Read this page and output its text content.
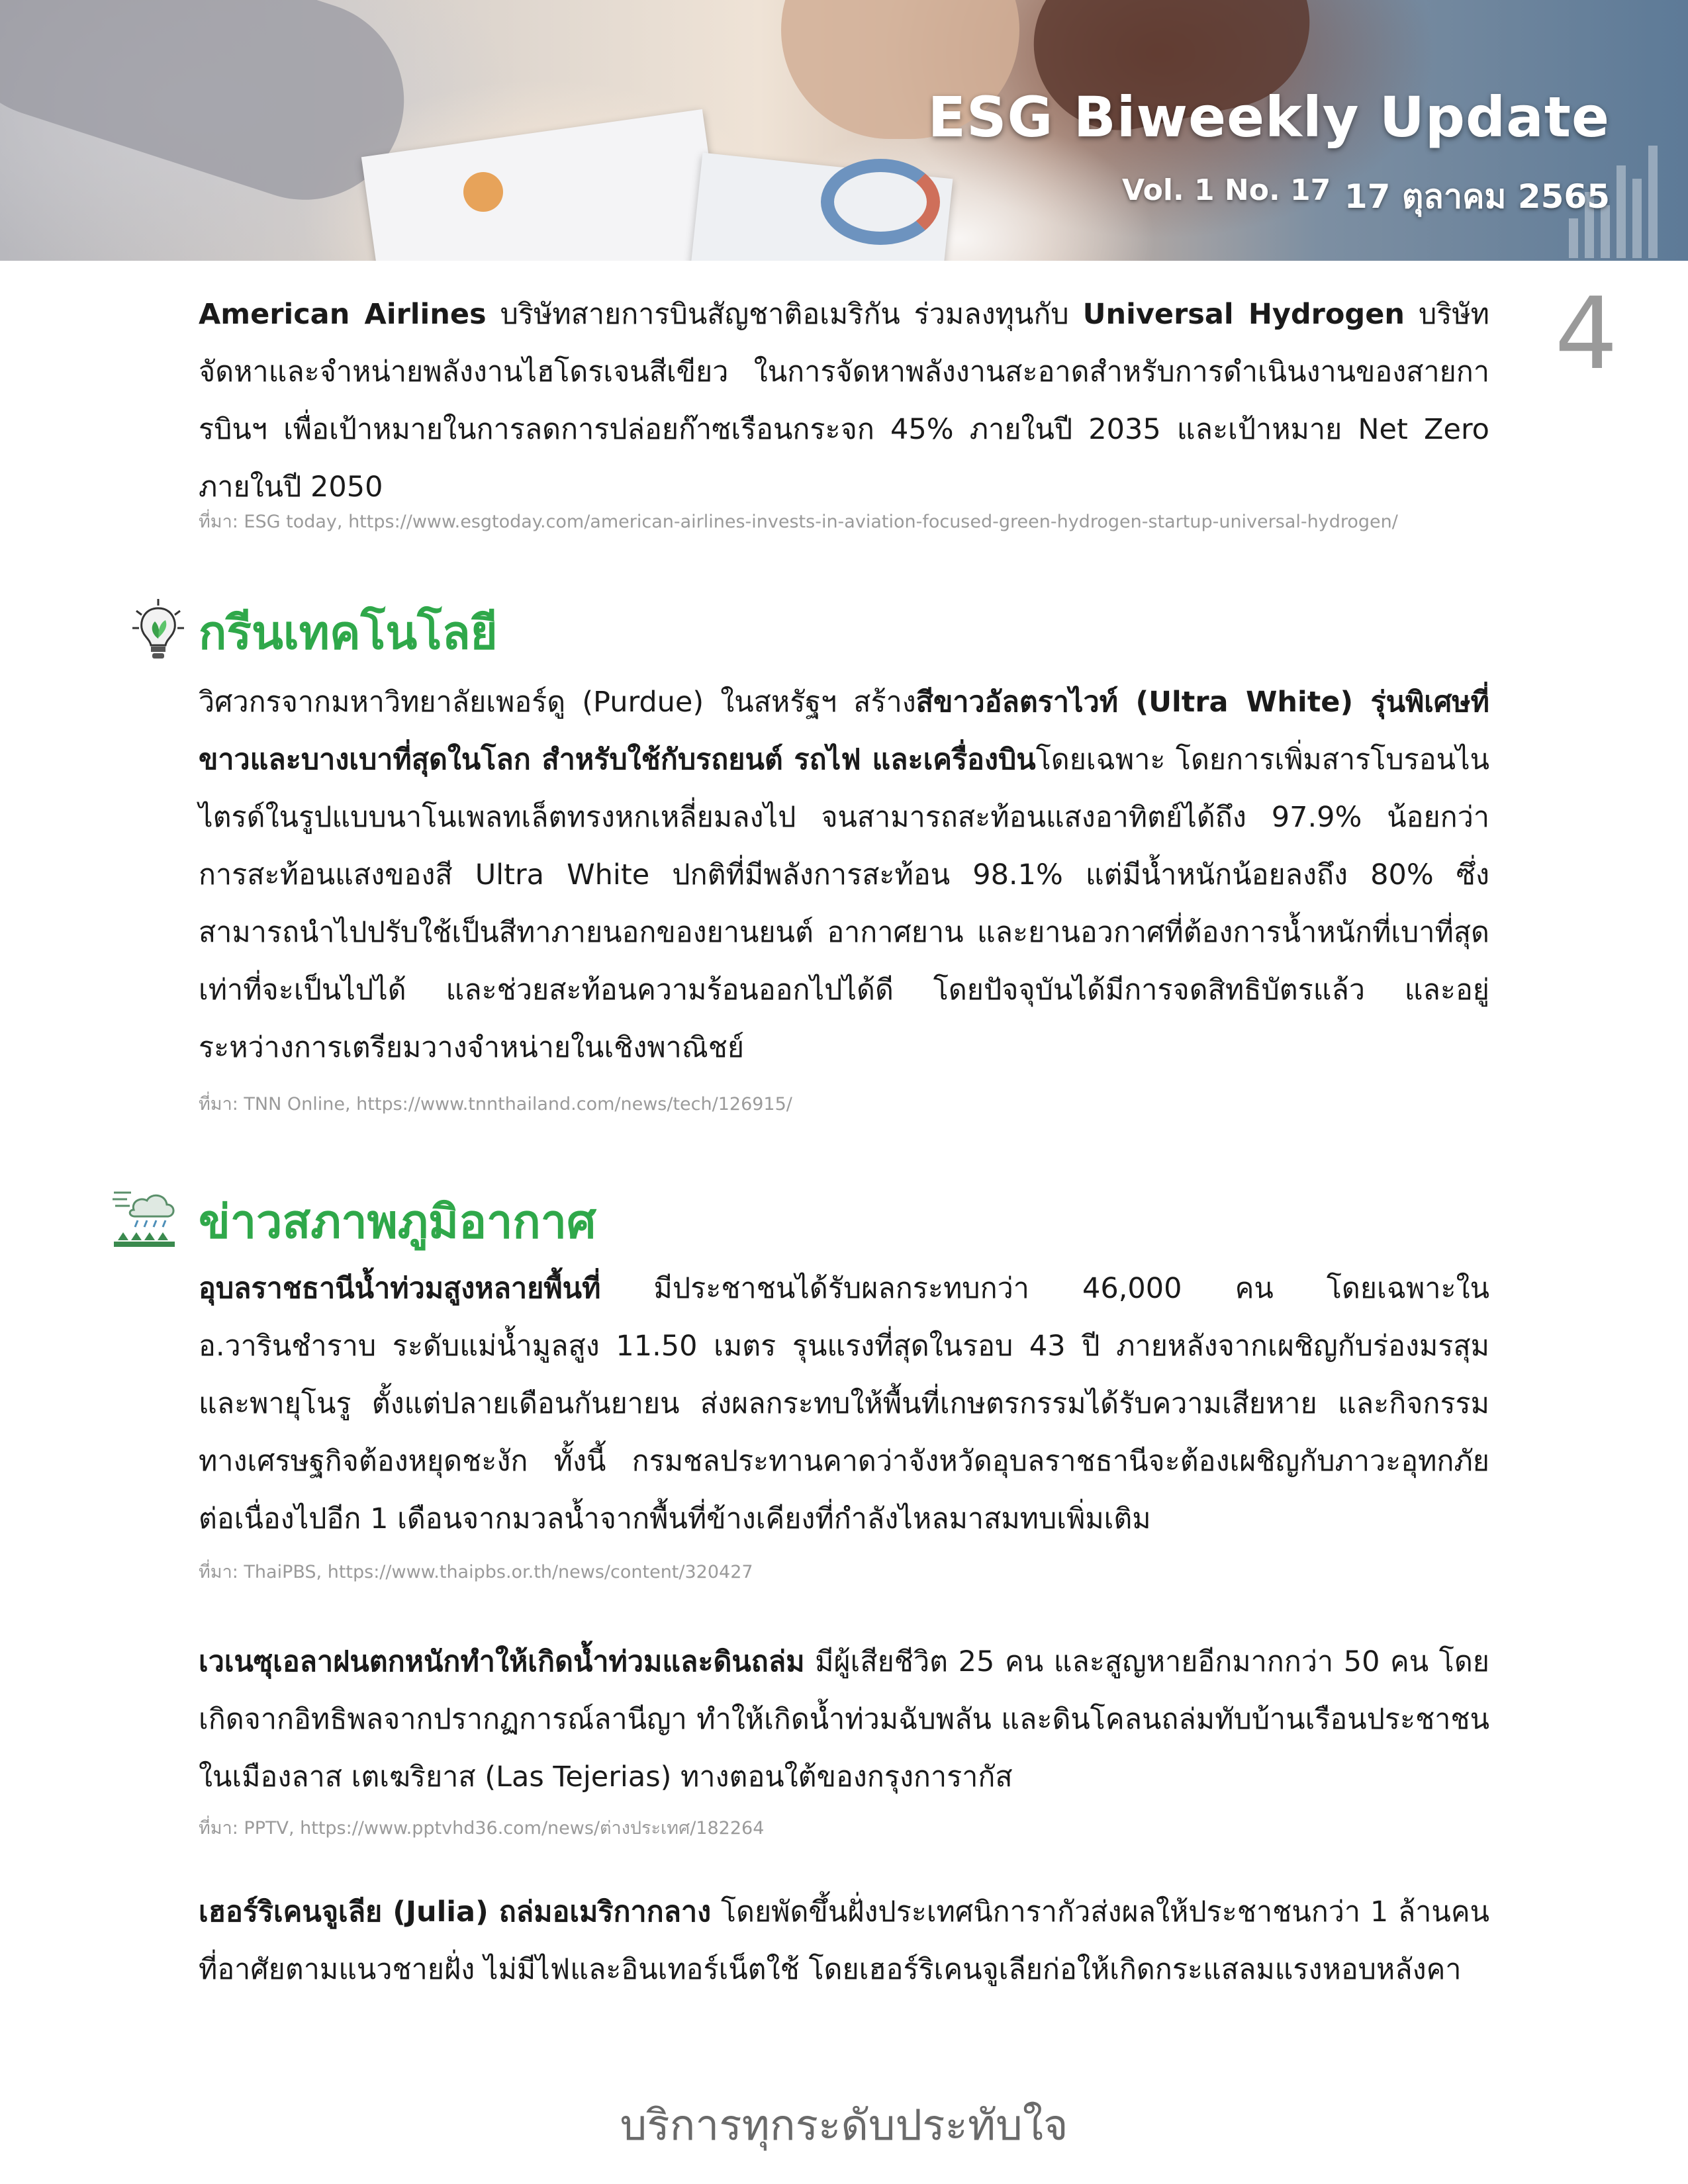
ESG Biweekly Update
Vol. 1 No. 17 17 ตุลาคม 2565
4
American Airlines บริษัทสายการบินสัญชาติอเมริกัน ร่วมลงทุนกับ Universal Hydrogen บริษัทจัดหาและจำหน่ายพลังงานไฮโดรเจนสีเขียว ในการจัดหาพลังงานสะอาดสำหรับการดำเนินงานของสายการบินฯ เพื่อเป้าหมายในการลดการปล่อยก๊าซเรือนกระจก 45% ภายในปี 2035 และเป้าหมาย Net Zero ภายในปี 2050
ที่มา: ESG today, https://www.esgtoday.com/american-airlines-invests-in-aviation-focused-green-hydrogen-startup-universal-hydrogen/
กรีนเทคโนโลยี
วิศวกรจากมหาวิทยาลัยเพอร์ดู (Purdue) ในสหรัฐฯ สร้างสีขาวอัลตราไวท์ (Ultra White) รุ่นพิเศษที่ขาวและบางเบาที่สุดในโลก สำหรับใช้กับรถยนต์ รถไฟ และเครื่องบินโดยเฉพาะ โดยการเพิ่มสารโบรอนไนไตรด์ในรูปแบบนาโนเพลทเล็ตทรงหกเหลี่ยมลงไป จนสามารถสะท้อนแสงอาทิตย์ได้ถึง 97.9% น้อยกว่าการสะท้อนแสงของสี Ultra White ปกติที่มีพลังการสะท้อน 98.1% แต่มีน้ำหนักน้อยลงถึง 80% ซึ่งสามารถนำไปปรับใช้เป็นสีทาภายนอกของยานยนต์ อากาศยาน และยานอวกาศที่ต้องการน้ำหนักที่เบาที่สุดเท่าที่จะเป็นไปได้ และช่วยสะท้อนความร้อนออกไปได้ดี โดยปัจจุบันได้มีการจดสิทธิบัตรแล้ว และอยู่ระหว่างการเตรียมวางจำหน่ายในเชิงพาณิชย์
ที่มา: TNN Online, https://www.tnnthailand.com/news/tech/126915/
ข่าวสภาพภูมิอากาศ
อุบลราชธานีน้ำท่วมสูงหลายพื้นที่ มีประชาชนได้รับผลกระทบกว่า 46,000 คน โดยเฉพาะใน อ.วารินชำราบ ระดับแม่น้ำมูลสูง 11.50 เมตร รุนแรงที่สุดในรอบ 43 ปี ภายหลังจากเผชิญกับร่องมรสุม และพายุโนรู ตั้งแต่ปลายเดือนกันยายน ส่งผลกระทบให้พื้นที่เกษตรกรรมได้รับความเสียหาย และกิจกรรมทางเศรษฐกิจต้องหยุดชะงัก ทั้งนี้ กรมชลประทานคาดว่าจังหวัดอุบลราชธานีจะต้องเผชิญกับภาวะอุทกภัยต่อเนื่องไปอีก 1 เดือนจากมวลน้ำจากพื้นที่ข้างเคียงที่กำลังไหลมาสมทบเพิ่มเติม
ที่มา: ThaiPBS, https://www.thaipbs.or.th/news/content/320427
เวเนซุเอลาฝนตกหนักทำให้เกิดน้ำท่วมและดินถล่ม มีผู้เสียชีวิต 25 คน และสูญหายอีกมากกว่า 50 คน โดยเกิดจากอิทธิพลจากปรากฏการณ์ลานีญา ทำให้เกิดน้ำท่วมฉับพลัน และดินโคลนถล่มทับบ้านเรือนประชาชนในเมืองลาส เตเฆริยาส (Las Tejerias) ทางตอนใต้ของกรุงการากัส
ที่มา: PPTV, https://www.pptvhd36.com/news/ต่างประเทศ/182264
เฮอร์ริเคนจูเลีย (Julia) ถล่มอเมริกากลาง โดยพัดขึ้นฝั่งประเทศนิการากัวส่งผลให้ประชาชนกว่า 1 ล้านคนที่อาศัยตามแนวชายฝั่ง ไม่มีไฟและอินเทอร์เน็ตใช้ โดยเฮอร์ริเคนจูเลียก่อให้เกิดกระแสลมแรงหอบหลังคา
บริการทุกระดับประทับใจ
